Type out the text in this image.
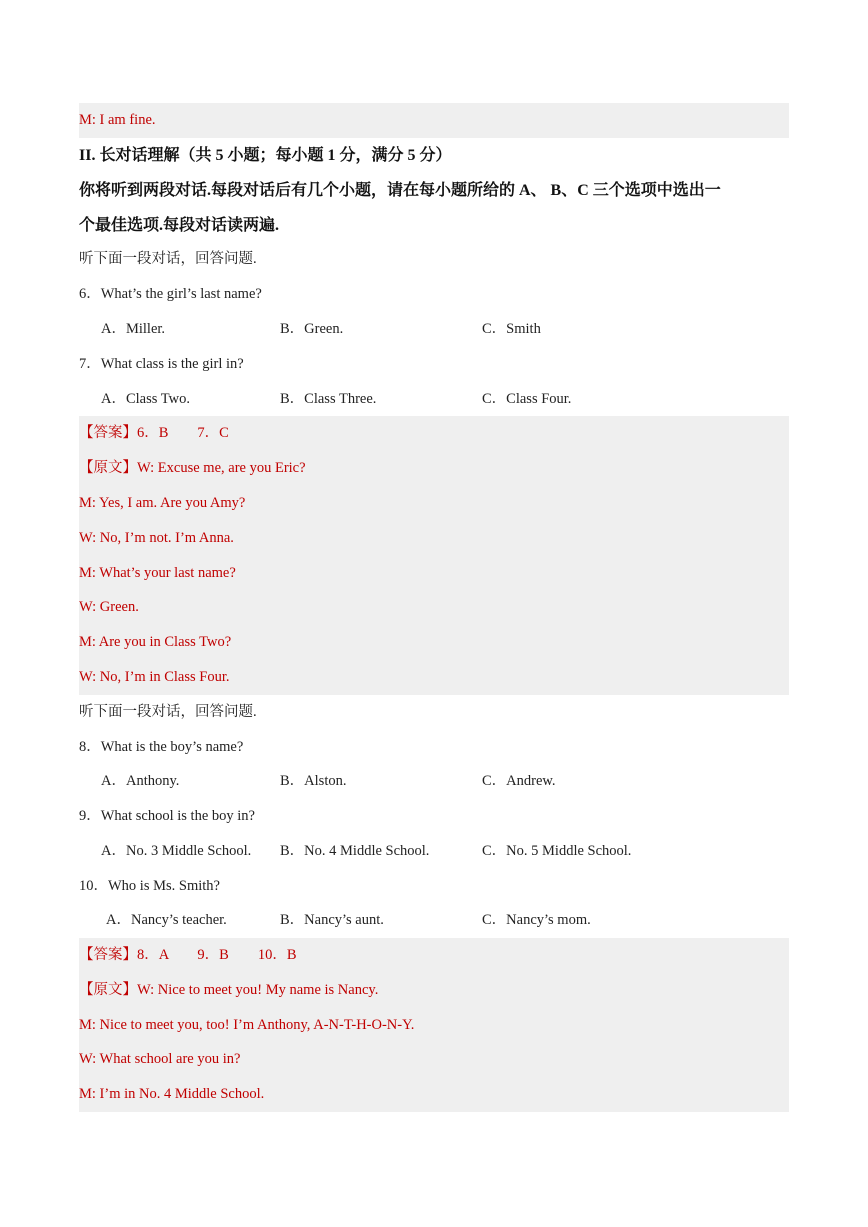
M: I am fine.
II. 长对话理解（共 5 小题；每小题 1 分，满分 5 分）
你将听到两段对话.每段对话后有几个小题，请在每小题所给的 A、 B、C 三个选项中选出一
个最佳选项.每段对话读两遍.
听下面一段对话，回答问题.
6．What’s the girl’s last name?
A．Miller.	B．Green.	C．Smith
7．What class is the girl in?
A．Class Two.	B．Class Three.	C．Class Four.
【答案】6．B　　7．C
【原文】W: Excuse me, are you Eric?
M: Yes, I am. Are you Amy?
W: No, I’m not. I’m Anna.
M: What’s your last name?
W: Green.
M: Are you in Class Two?
W: No, I’m in Class Four.
听下面一段对话，回答问题.
8．What is the boy’s name?
A．Anthony.	B．Alston.	C．Andrew.
9．What school is the boy in?
A．No. 3 Middle School. B．No. 4 Middle School.	C．No. 5 Middle School.
10．Who is Ms. Smith?
A．Nancy’s teacher.	B．Nancy’s aunt.	C．Nancy’s mom.
【答案】8．A　　9．B　　10．B
【原文】W: Nice to meet you! My name is Nancy.
M: Nice to meet you, too! I’m Anthony, A-N-T-H-O-N-Y.
W: What school are you in?
M: I’m in No. 4 Middle School.
